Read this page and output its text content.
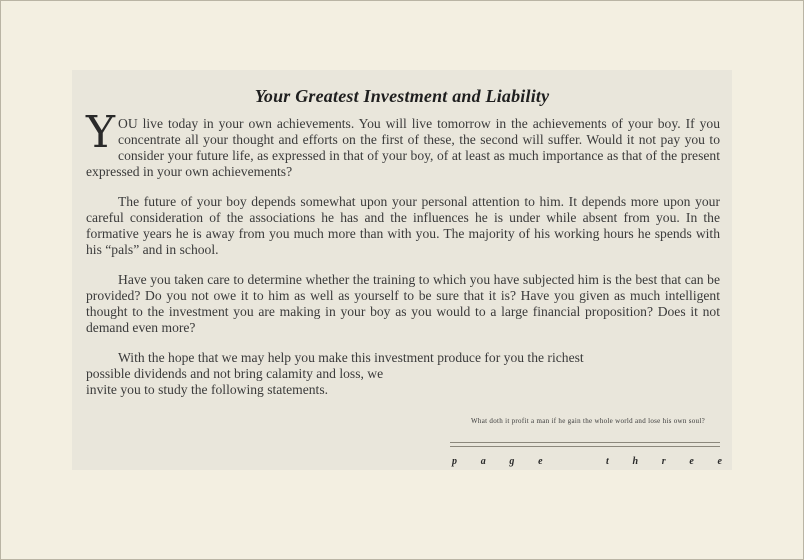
Your Greatest Investment and Liability

YOU live today in your own achievements. You will live tomorrow in the achievements of your boy. If you concentrate all your thought and efforts on the first of these, the second will suffer. Would it not pay you to consider your future life, as expressed in that of your boy, of at least as much importance as that of the present expressed in your own achievements?

The future of your boy depends somewhat upon your personal attention to him. It depends more upon your careful consideration of the associations he has and the influences he is under while absent from you. In the formative years he is away from you much more than with you. The majority of his working hours he spends with his “pals” and in school.

Have you taken care to determine whether the training to which you have subjected him is the best that can be provided? Do you not owe it to him as well as yourself to be sure that it is? Have you given as much intelligent thought to the investment you are making in your boy as you would to a large financial proposition? Does it not demand even more?

With the hope that we may help you make this investment produce for you the richest

possible dividends and not bring calamity and loss, we invite you to study the following statements.

What doth it profit a man if he gain the whole world and lose his own soul?
p a g e	t h r e e
